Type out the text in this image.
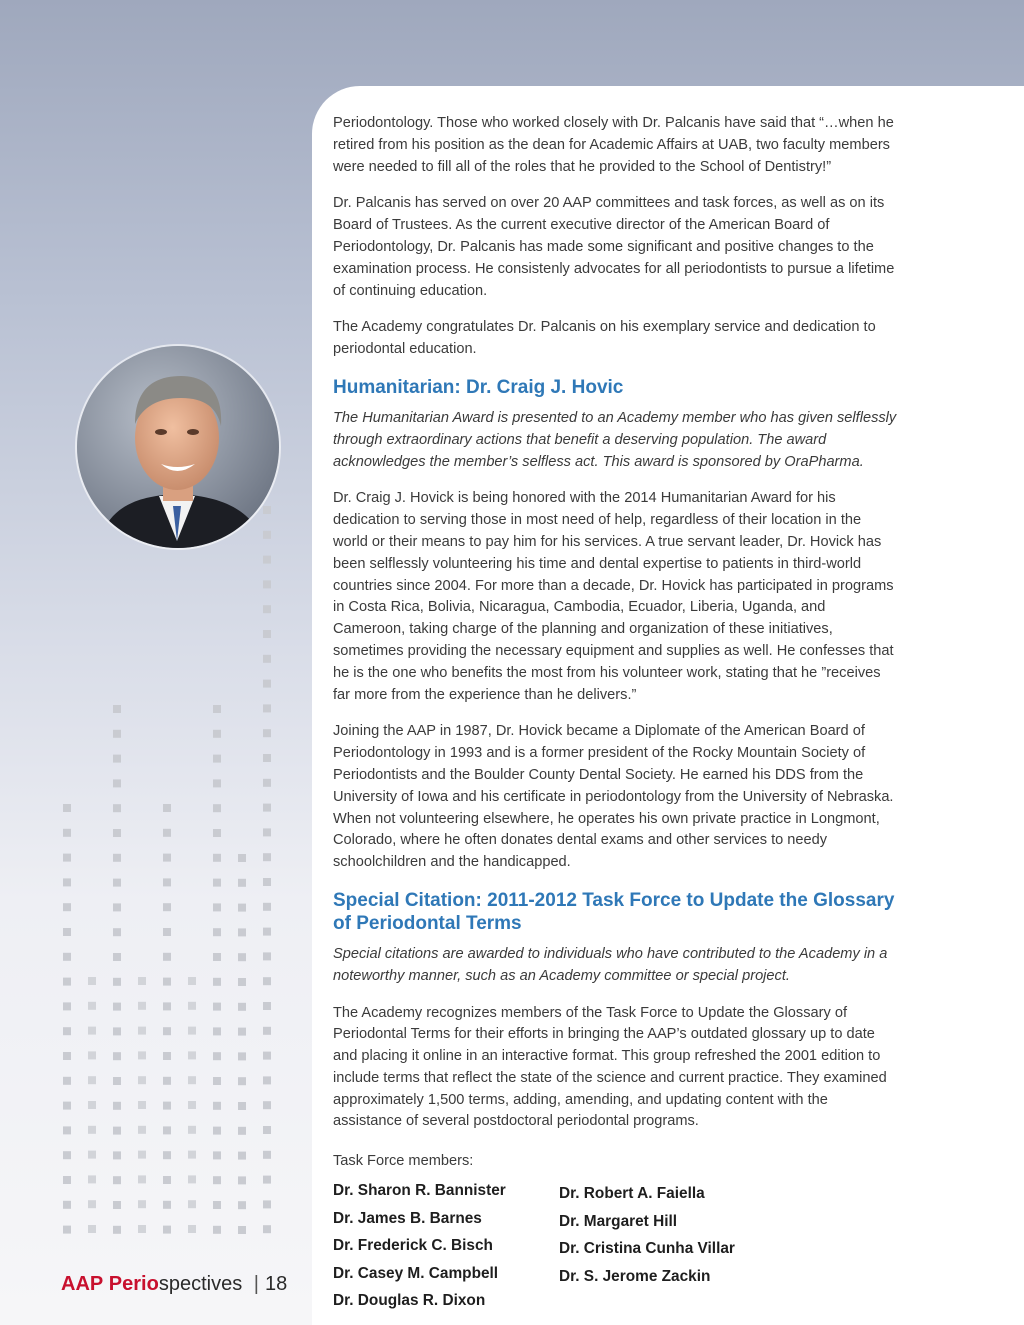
Periodontology. Those who worked closely with Dr. Palcanis have said that “…when he retired from his position as the dean for Academic Affairs at UAB, two faculty members were needed to fill all of the roles that he provided to the School of Dentistry!”

Dr. Palcanis has served on over 20 AAP committees and task forces, as well as on its Board of Trustees. As the current executive director of the American Board of Periodontology, Dr. Palcanis has made some significant and positive changes to the examination process. He consistenly advocates for all periodontists to pursue a lifetime of continuing education.

The Academy congratulates Dr. Palcanis on his exemplary service and dedication to periodontal education.

Humanitarian: Dr. Craig J. Hovic

The Humanitarian Award is presented to an Academy member who has given selflessly through extraordinary actions that benefit a deserving population. The award acknowledges the member’s selfless act. This award is sponsored by OraPharma.

Dr. Craig J. Hovick is being honored with the 2014 Humanitarian Award for his dedication to serving those in most need of help, regardless of their location in the world or their means to pay him for his services. A true servant leader, Dr. Hovick has been selflessly volunteering his time and dental expertise to patients in third-world countries since 2004. For more than a decade, Dr. Hovick has participated in programs in Costa Rica, Bolivia, Nicaragua, Cambodia, Ecuador, Liberia, Uganda, and Cameroon, taking charge of the planning and organization of these initiatives, sometimes providing the necessary equipment and supplies as well. He confesses that he is the one who benefits the most from his volunteer work, stating that he ”receives far more from the experience than he delivers.”

Joining the AAP in 1987, Dr. Hovick became a Diplomate of the American Board of Periodontology in 1993 and is a former president of the Rocky Mountain Society of Periodontists and the Boulder County Dental Society. He earned his DDS from the University of Iowa and his certificate in periodontology from the University of Nebraska. When not volunteering elsewhere, he operates his own private practice in Longmont, Colorado, where he often donates dental exams and other services to needy schoolchildren and the handicapped.

Special Citation: 2011-2012 Task Force to Update the Glossary of Periodontal Terms

Special citations are awarded to individuals who have contributed to the Academy in a noteworthy manner, such as an Academy committee or special project.

The Academy recognizes members of the Task Force to Update the Glossary of Periodontal Terms for their efforts in bringing the AAP’s outdated glossary up to date and placing it online in an interactive format. This group refreshed the 2001 edition to include terms that reflect the state of the science and current practice. They examined approximately 1,500 terms, adding, amending, and updating content with the assistance of several postdoctoral periodontal programs.

Task Force members:
Dr. Sharon R. Bannister
Dr. James B. Barnes
Dr. Frederick C. Bisch
Dr. Casey M. Campbell
Dr. Douglas R. Dixon
Dr. Robert A. Faiella
Dr. Margaret Hill
Dr. Cristina Cunha Villar
Dr. S. Jerome Zackin
AAP Periospectives | 18
